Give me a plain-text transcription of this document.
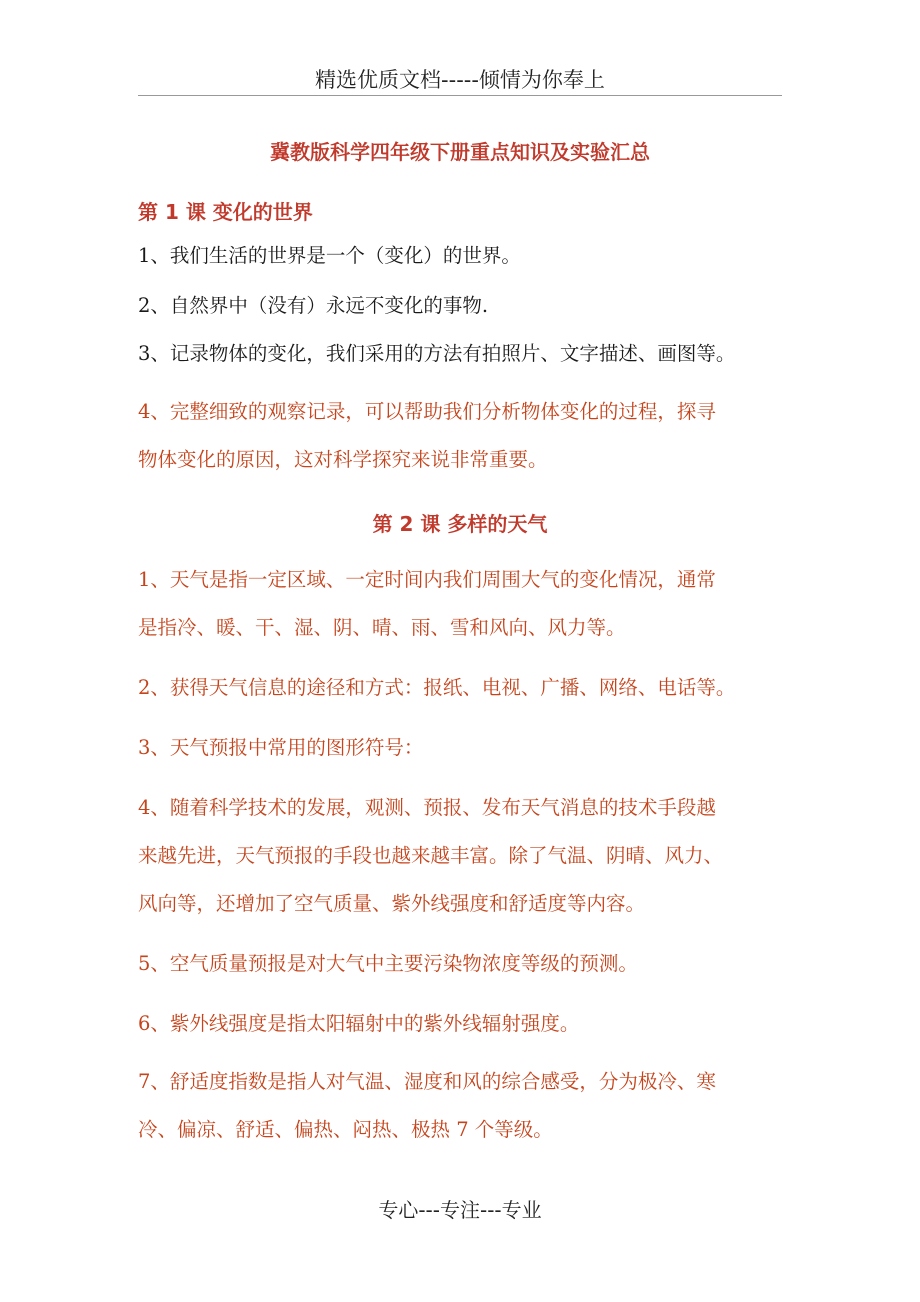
精选优质文档-----倾情为你奉上
冀教版科学四年级下册重点知识及实验汇总
第 1 课 变化的世界
1、我们生活的世界是一个（变化）的世界。
2、自然界中（没有）永远不变化的事物.
3、记录物体的变化，我们采用的方法有拍照片、文字描述、画图等。
4、完整细致的观察记录，可以帮助我们分析物体变化的过程，探寻
物体变化的原因，这对科学探究来说非常重要。
第 2 课 多样的天气
1、天气是指一定区域、一定时间内我们周围大气的变化情况，通常
是指冷、暖、干、湿、阴、晴、雨、雪和风向、风力等。
2、获得天气信息的途径和方式：报纸、电视、广播、网络、电话等。
3、天气预报中常用的图形符号：
4、随着科学技术的发展，观测、预报、发布天气消息的技术手段越
来越先进，天气预报的手段也越来越丰富。除了气温、阴晴、风力、
风向等，还增加了空气质量、紫外线强度和舒适度等内容。
5、空气质量预报是对大气中主要污染物浓度等级的预测。
6、紫外线强度是指太阳辐射中的紫外线辐射强度。
7、舒适度指数是指人对气温、湿度和风的综合感受，分为极冷、寒
冷、偏凉、舒适、偏热、闷热、极热 7 个等级。
专心---专注---专业
